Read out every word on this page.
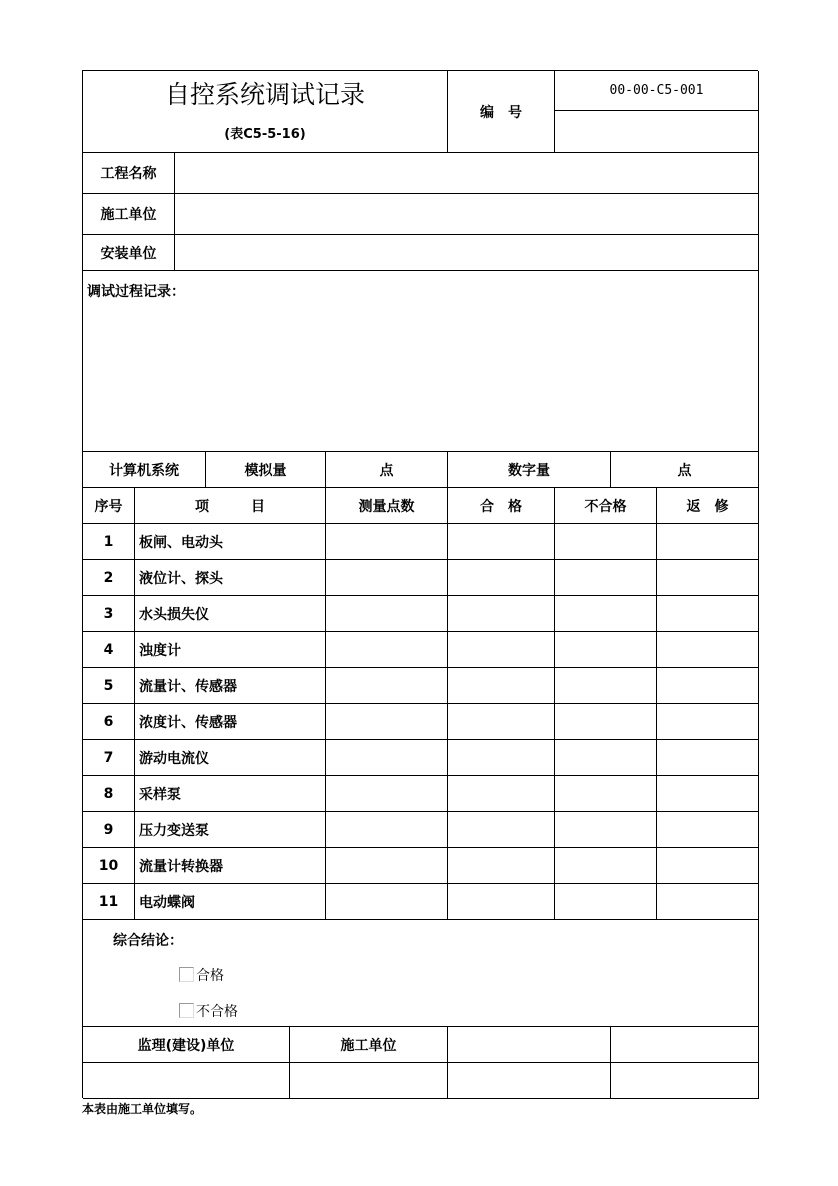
自控系统调试记录
(表C5-5-16)
编　号
00-00-C5-001
工程名称
施工单位
安装单位
调试过程记录：
计算机系统	模拟量	点	数字量	点
序号	项　　　目	测量点数	合　格	不合格	返　修
1	板闸、电动头
2	液位计、探头
3	水头损失仪
4	浊度计
5	流量计、传感器
6	浓度计、传感器
7	游动电流仪
8	采样泵
9	压力变送泵
10	流量计转换器
11	电动蝶阀
综合结论：
合格
不合格
监理(建设)单位	施工单位
本表由施工单位填写。
